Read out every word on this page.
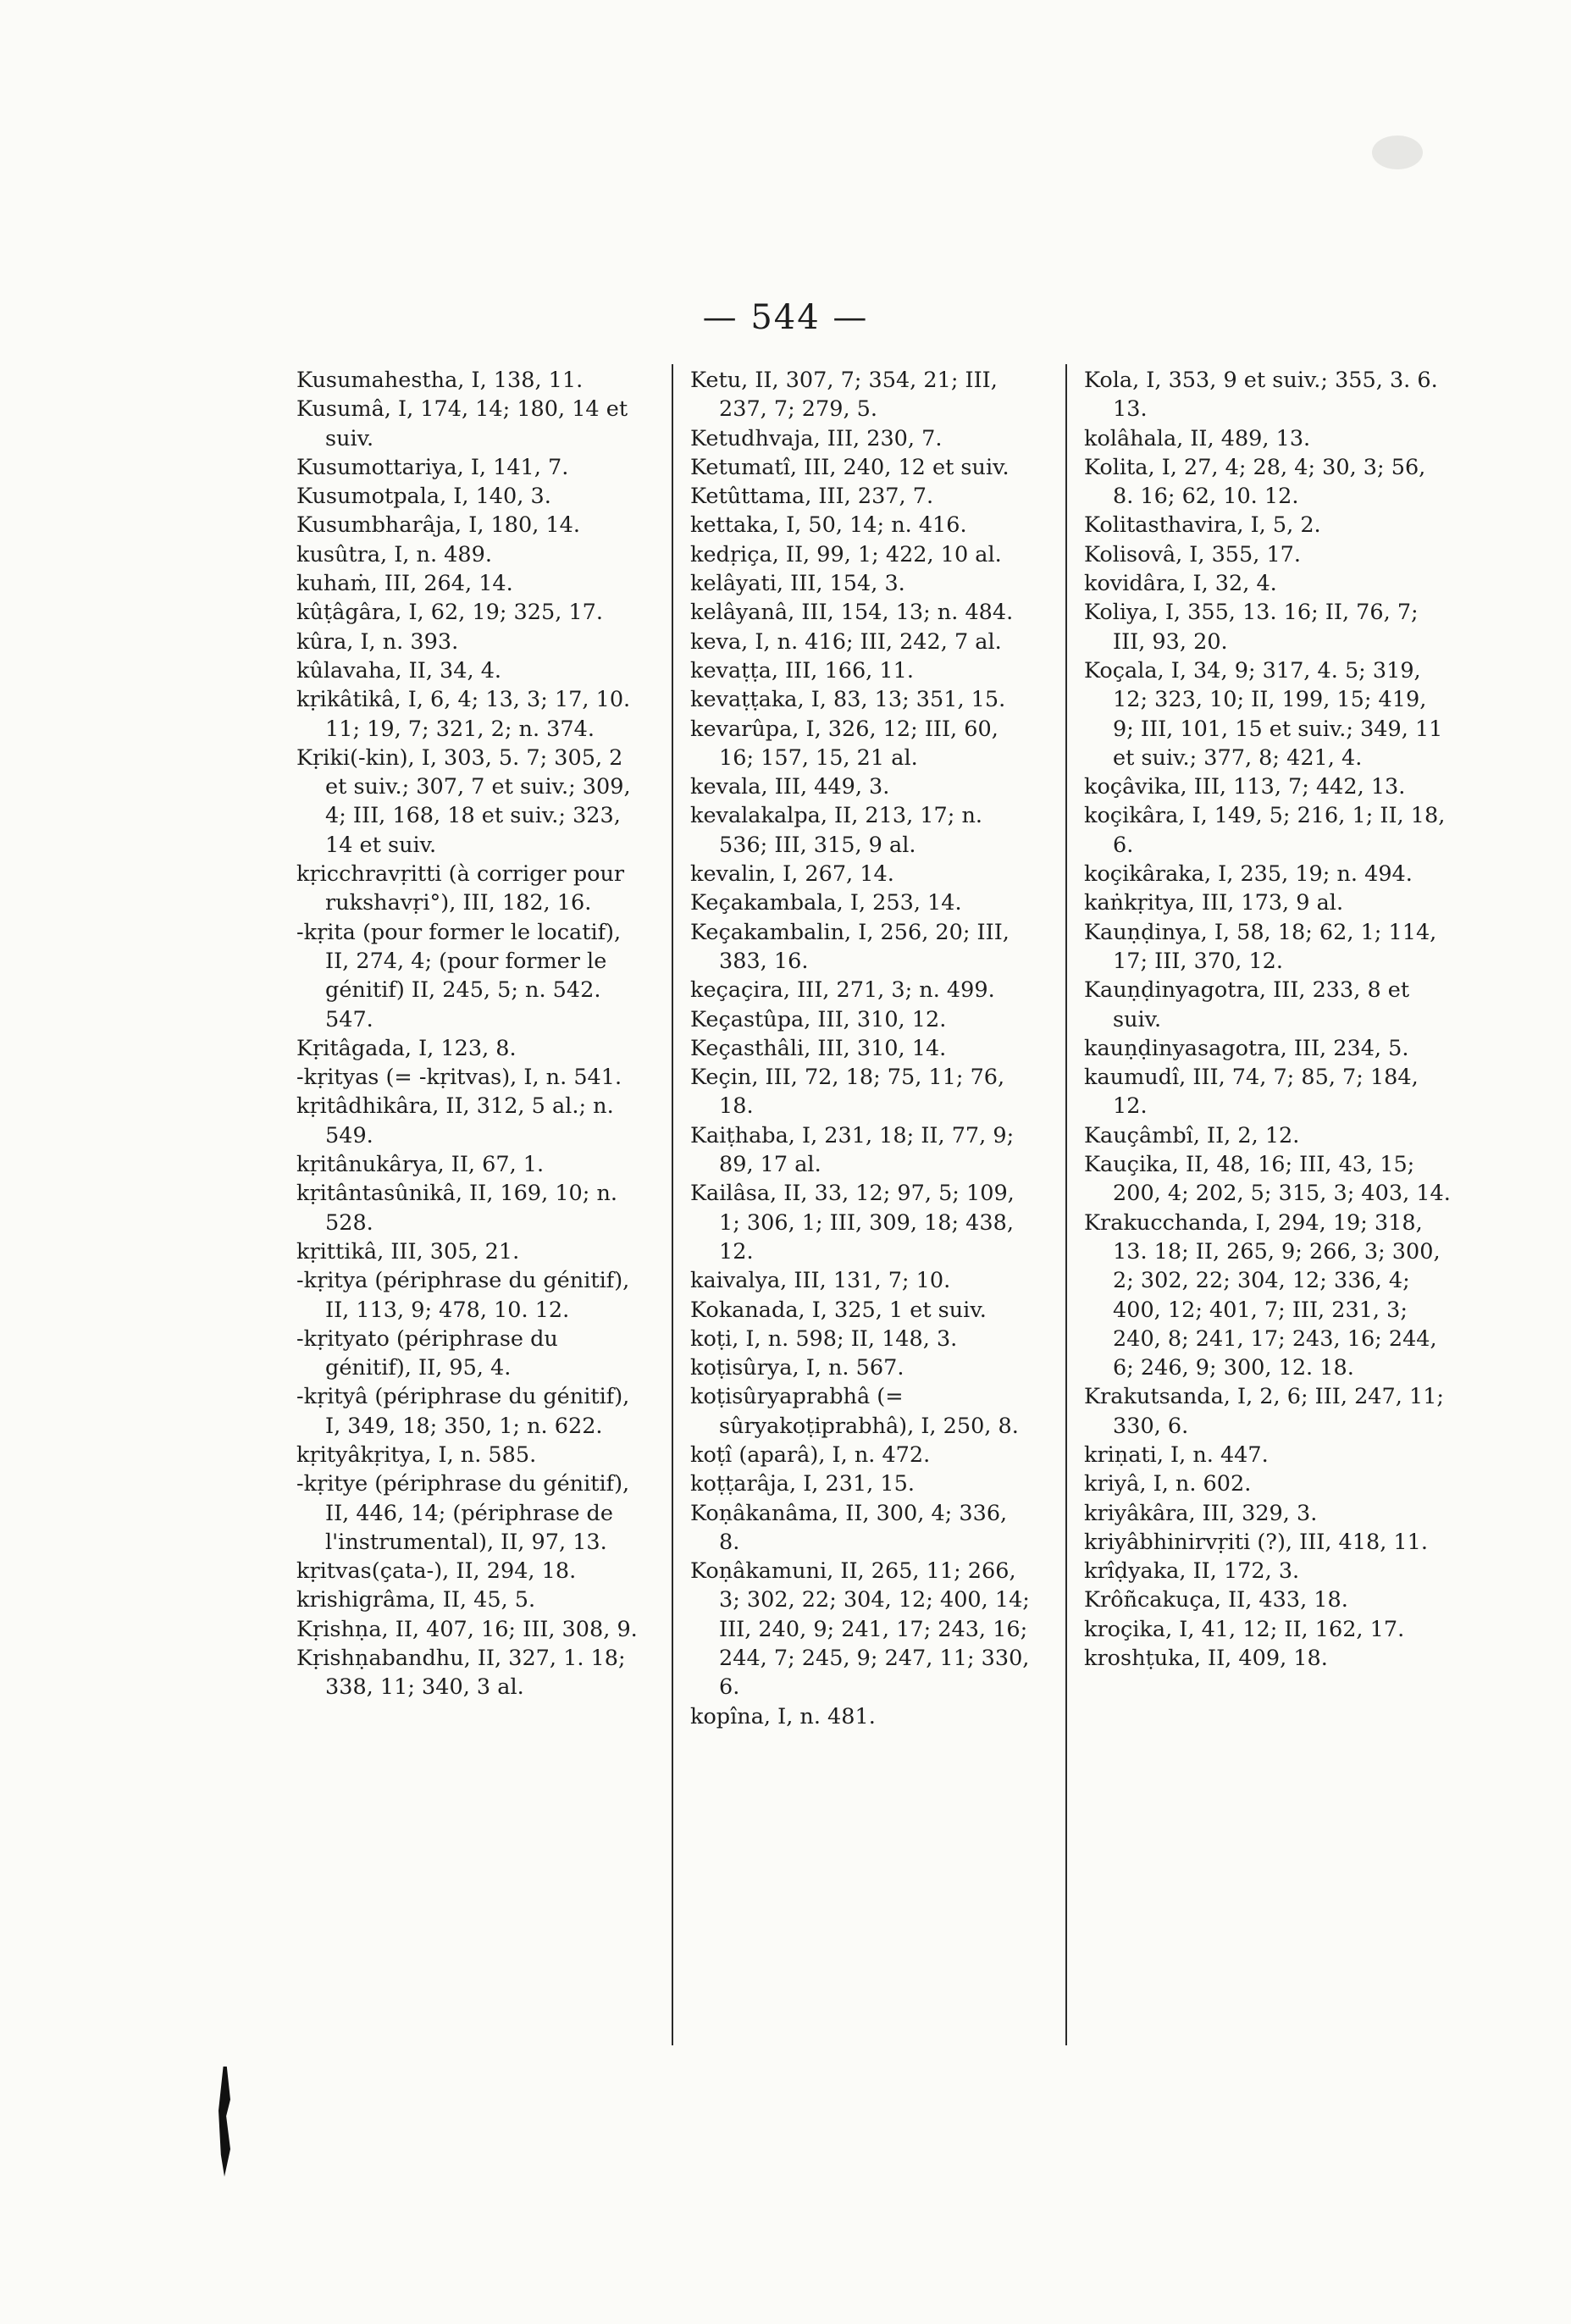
— 544 —
Kusumahestha, I, 138, 11.
Kusumâ, I, 174, 14; 180, 14 et suiv.
Kusumottariya, I, 141, 7.
Kusumotpala, I, 140, 3.
Kusumbharâja, I, 180, 14.
kusûtra, I, n. 489.
kuhaṁ, III, 264, 14.
kûṭâgâra, I, 62, 19; 325, 17.
kûra, I, n. 393.
kûlavaha, II, 34, 4.
kṛikâtikâ, I, 6, 4; 13, 3; 17, 10. 11; 19, 7; 321, 2; n. 374.
Kṛiki(-kin), I, 303, 5. 7; 305, 2 et suiv.; 307, 7 et suiv.; 309, 4; III, 168, 18 et suiv.; 323, 14 et suiv.
kṛicchravṛitti (à corriger pour rukshavṛi°), III, 182, 16.
-kṛita (pour former le locatif), II, 274, 4; (pour former le génitif) II, 245, 5; n. 542. 547.
Kṛitâgada, I, 123, 8.
-kṛityas (= -kṛitvas), I, n. 541.
kṛitâdhikâra, II, 312, 5 al.; n. 549.
kṛitânukârya, II, 67, 1.
kṛitântasûnikâ, II, 169, 10; n. 528.
kṛittikâ, III, 305, 21.
-kṛitya (périphrase du génitif), II, 113, 9; 478, 10. 12.
-kṛityato (périphrase du génitif), II, 95, 4.
-kṛityâ (périphrase du génitif), I, 349, 18; 350, 1; n. 622.
kṛityâkṛitya, I, n. 585.
-kṛitye (périphrase du génitif), II, 446, 14; (périphrase de l'instrumental), II, 97, 13.
kṛitvas(çata-), II, 294, 18.
krishigrâma, II, 45, 5.
Kṛishṇa, II, 407, 16; III, 308, 9.
Kṛishṇabandhu, II, 327, 1. 18; 338, 11; 340, 3 al.
Ketu, II, 307, 7; 354, 21; III, 237, 7; 279, 5.
Ketudhvaja, III, 230, 7.
Ketumatî, III, 240, 12 et suiv.
Ketûttama, III, 237, 7.
kettaka, I, 50, 14; n. 416.
kedṛiça, II, 99, 1; 422, 10 al.
kelâyati, III, 154, 3.
kelâyanâ, III, 154, 13; n. 484.
keva, I, n. 416; III, 242, 7 al.
kevaṭṭa, III, 166, 11.
kevaṭṭaka, I, 83, 13; 351, 15.
kevarûpa, I, 326, 12; III, 60, 16; 157, 15, 21 al.
kevala, III, 449, 3.
kevalakalpa, II, 213, 17; n. 536; III, 315, 9 al.
kevalin, I, 267, 14.
Keçakambala, I, 253, 14.
Keçakambalin, I, 256, 20; III, 383, 16.
keçaçira, III, 271, 3; n. 499.
Keçastûpa, III, 310, 12.
Keçasthâli, III, 310, 14.
Keçin, III, 72, 18; 75, 11; 76, 18.
Kaiṭhaba, I, 231, 18; II, 77, 9; 89, 17 al.
Kailâsa, II, 33, 12; 97, 5; 109, 1; 306, 1; III, 309, 18; 438, 12.
kaivalya, III, 131, 7; 10.
Kokanada, I, 325, 1 et suiv.
koṭi, I, n. 598; II, 148, 3.
koṭisûrya, I, n. 567.
koṭisûryaprabhâ (= sûryakoṭiprabhâ), I, 250, 8.
koṭî (aparâ), I, n. 472.
koṭṭarâja, I, 231, 15.
Koṇâkanâma, II, 300, 4; 336, 8.
Koṇâkamuni, II, 265, 11; 266, 3; 302, 22; 304, 12; 400, 14; III, 240, 9; 241, 17; 243, 16; 244, 7; 245, 9; 247, 11; 330, 6.
kopîna, I, n. 481.
Kola, I, 353, 9 et suiv.; 355, 3. 6. 13.
kolâhala, II, 489, 13.
Kolita, I, 27, 4; 28, 4; 30, 3; 56, 8. 16; 62, 10. 12.
Kolitasthavira, I, 5, 2.
Kolisovâ, I, 355, 17.
kovidâra, I, 32, 4.
Koliya, I, 355, 13. 16; II, 76, 7; III, 93, 20.
Koçala, I, 34, 9; 317, 4. 5; 319, 12; 323, 10; II, 199, 15; 419, 9; III, 101, 15 et suiv.; 349, 11 et suiv.; 377, 8; 421, 4.
koçâvika, III, 113, 7; 442, 13.
koçikâra, I, 149, 5; 216, 1; II, 18, 6.
koçikâraka, I, 235, 19; n. 494.
kaṅkṛitya, III, 173, 9 al.
Kauṇḍinya, I, 58, 18; 62, 1; 114, 17; III, 370, 12.
Kauṇḍinyagotra, III, 233, 8 et suiv.
kauṇḍinyasagotra, III, 234, 5.
kaumudî, III, 74, 7; 85, 7; 184, 12.
Kauçâmbî, II, 2, 12.
Kauçika, II, 48, 16; III, 43, 15; 200, 4; 202, 5; 315, 3; 403, 14.
Krakucchanda, I, 294, 19; 318, 13. 18; II, 265, 9; 266, 3; 300, 2; 302, 22; 304, 12; 336, 4; 400, 12; 401, 7; III, 231, 3; 240, 8; 241, 17; 243, 16; 244, 6; 246, 9; 300, 12. 18.
Krakutsanda, I, 2, 6; III, 247, 11; 330, 6.
kriṇati, I, n. 447.
kriyâ, I, n. 602.
kriyâkâra, III, 329, 3.
kriyâbhinirvṛiti (?), III, 418, 11.
krîḍyaka, II, 172, 3.
Krôñcakuça, II, 433, 18.
kroçika, I, 41, 12; II, 162, 17.
kroshṭuka, II, 409, 18.
